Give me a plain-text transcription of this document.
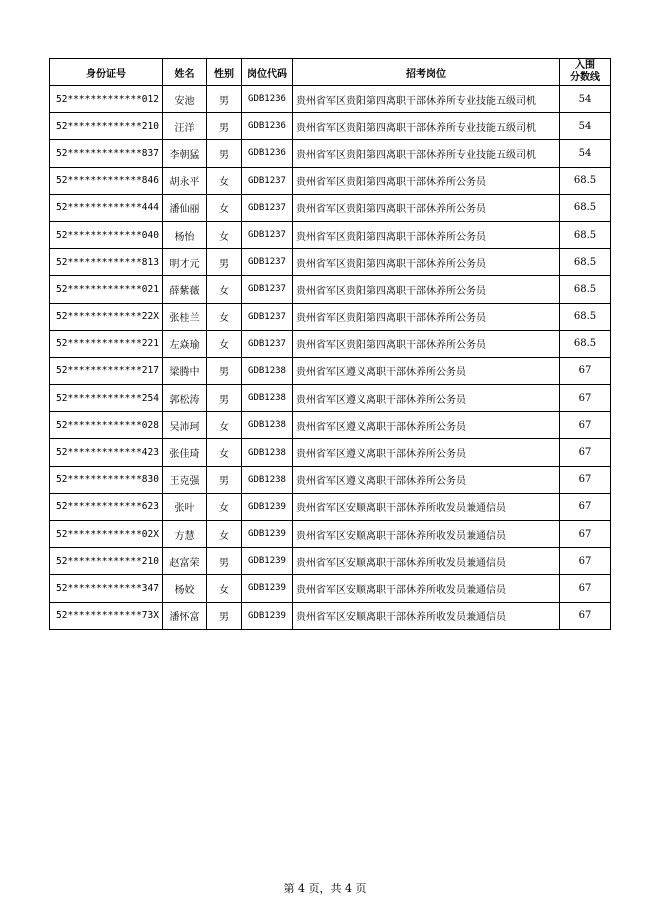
身份证号	姓名	性别	岗位代码	招考岗位	入围
分数线

52*************012	安池	男	GDB1236	贵州省军区贵阳第四离职干部休养所专业技能五级司机	54
52*************210	汪洋	男	GDB1236	贵州省军区贵阳第四离职干部休养所专业技能五级司机	54
52*************837	李朝猛	男	GDB1236	贵州省军区贵阳第四离职干部休养所专业技能五级司机	54
52*************846	胡永平	女	GDB1237	贵州省军区贵阳第四离职干部休养所公务员	68.5
52*************444	潘仙丽	女	GDB1237	贵州省军区贵阳第四离职干部休养所公务员	68.5
52*************040	杨怡	女	GDB1237	贵州省军区贵阳第四离职干部休养所公务员	68.5
52*************813	明才元	男	GDB1237	贵州省军区贵阳第四离职干部休养所公务员	68.5
52*************021	薛紫薇	女	GDB1237	贵州省军区贵阳第四离职干部休养所公务员	68.5
52*************22X	张桂兰	女	GDB1237	贵州省军区贵阳第四离职干部休养所公务员	68.5
52*************221	左焱瑜	女	GDB1237	贵州省军区贵阳第四离职干部休养所公务员	68.5
52*************217	梁腾中	男	GDB1238	贵州省军区遵义离职干部休养所公务员	67
52*************254	郭松涛	男	GDB1238	贵州省军区遵义离职干部休养所公务员	67
52*************028	吴沛珂	女	GDB1238	贵州省军区遵义离职干部休养所公务员	67
52*************423	张佳琦	女	GDB1238	贵州省军区遵义离职干部休养所公务员	67
52*************830	王克强	男	GDB1238	贵州省军区遵义离职干部休养所公务员	67
52*************623	张叶	女	GDB1239	贵州省军区安顺离职干部休养所收发员兼通信员	67
52*************02X	方慧	女	GDB1239	贵州省军区安顺离职干部休养所收发员兼通信员	67
52*************210	赵富荣	男	GDB1239	贵州省军区安顺离职干部休养所收发员兼通信员	67
52*************347	杨姣	女	GDB1239	贵州省军区安顺离职干部休养所收发员兼通信员	67
52*************73X	潘怀富	男	GDB1239	贵州省军区安顺离职干部休养所收发员兼通信员	67
第 4 页，共 4 页
